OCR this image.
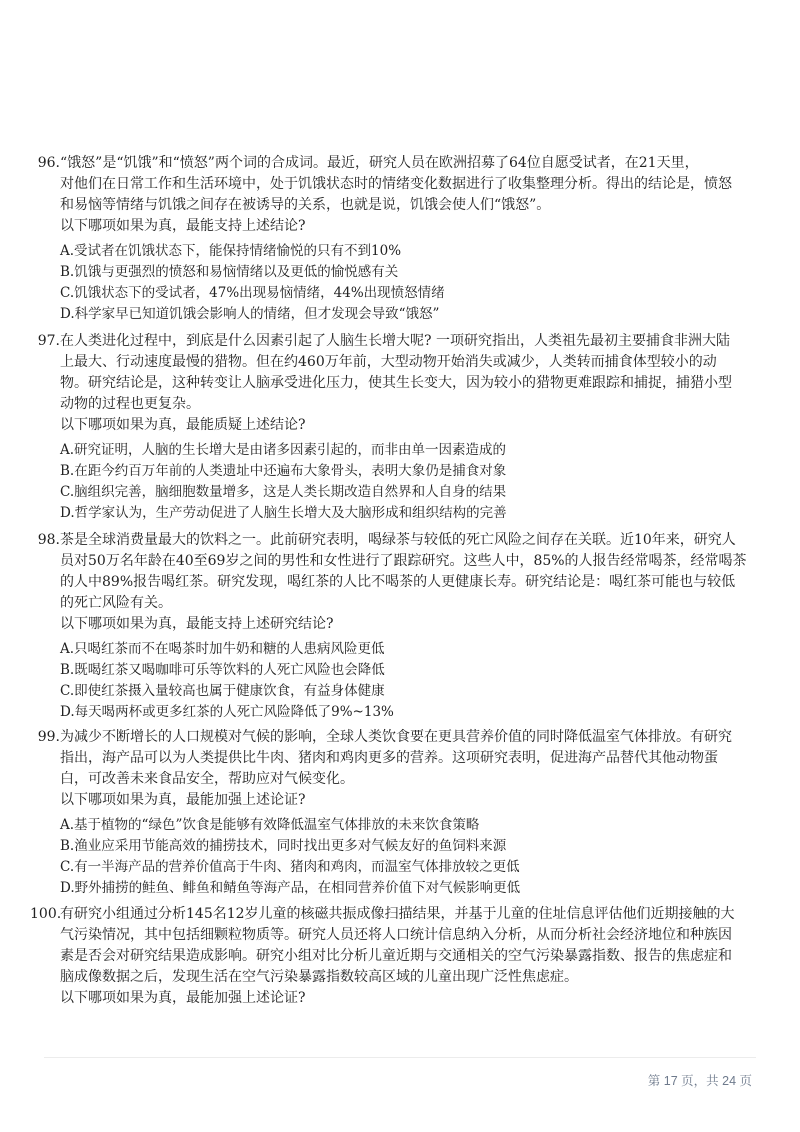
96. “饿怒”是“饥饿”和“愤怒”两个词的合成词。最近，研究人员在欧洲招募了64位自愿受试者，在21天里，
对他们在日常工作和生活环境中，处于饥饿状态时的情绪变化数据进行了收集整理分析。得出的结论是，愤怒
和易恼等情绪与饥饿之间存在被诱导的关系，也就是说，饥饿会使人们“饿怒”。
以下哪项如果为真，最能支持上述结论?
A.受试者在饥饿状态下，能保持情绪愉悦的只有不到10%
B.饥饿与更强烈的愤怒和易恼情绪以及更低的愉悦感有关
C.饥饿状态下的受试者，47%出现易恼情绪，44%出现愤怒情绪
D.科学家早已知道饥饿会影响人的情绪，但才发现会导致“饿怒”
97. 在人类进化过程中，到底是什么因素引起了人脑生长增大呢? 一项研究指出，人类祖先最初主要捕食非洲大陆
上最大、行动速度最慢的猎物。但在约460万年前，大型动物开始消失或减少，人类转而捕食体型较小的动
物。研究结论是，这种转变让人脑承受进化压力，使其生长变大，因为较小的猎物更难跟踪和捕捉，捕猎小型
动物的过程也更复杂。
以下哪项如果为真，最能质疑上述结论?
A.研究证明，人脑的生长增大是由诸多因素引起的，而非由单一因素造成的
B.在距今约百万年前的人类遗址中还遍布大象骨头，表明大象仍是捕食对象
C.脑组织完善，脑细胞数量增多，这是人类长期改造自然界和人自身的结果
D.哲学家认为，生产劳动促进了人脑生长增大及大脑形成和组织结构的完善
98. 茶是全球消费量最大的饮料之一。此前研究表明，喝绿茶与较低的死亡风险之间存在关联。近10年来，研究人
员对50万名年龄在40至69岁之间的男性和女性进行了跟踪研究。这些人中，85%的人报告经常喝茶，经常喝茶
的人中89%报告喝红茶。研究发现，喝红茶的人比不喝茶的人更健康长寿。研究结论是：喝红茶可能也与较低
的死亡风险有关。
以下哪项如果为真，最能支持上述研究结论?
A.只喝红茶而不在喝茶时加牛奶和糖的人患病风险更低
B.既喝红茶又喝咖啡可乐等饮料的人死亡风险也会降低
C.即使红茶摄入量较高也属于健康饮食，有益身体健康
D.每天喝两杯或更多红茶的人死亡风险降低了9%~13%
99. 为减少不断增长的人口规模对气候的影响，全球人类饮食要在更具营养价值的同时降低温室气体排放。有研究
指出，海产品可以为人类提供比牛肉、猪肉和鸡肉更多的营养。这项研究表明，促进海产品替代其他动物蛋
白，可改善未来食品安全，帮助应对气候变化。
以下哪项如果为真，最能加强上述论证?
A.基于植物的“绿色”饮食是能够有效降低温室气体排放的未来饮食策略
B.渔业应采用节能高效的捕捞技术，同时找出更多对气候友好的鱼饲料来源
C.有一半海产品的营养价值高于牛肉、猪肉和鸡肉，而温室气体排放较之更低
D.野外捕捞的鲑鱼、鲱鱼和鲭鱼等海产品，在相同营养价值下对气候影响更低
100.
有研究小组通过分析145名12岁儿童的核磁共振成像扫描结果，并基于儿童的住址信息评估他们近期接触的大
气污染情况，其中包括细颗粒物质等。研究人员还将人口统计信息纳入分析，从而分析社会经济地位和种族因
素是否会对研究结果造成影响。研究小组对比分析儿童近期与交通相关的空气污染暴露指数、报告的焦虑症和
脑成像数据之后，发现生活在空气污染暴露指数较高区域的儿童出现广泛性焦虑症。
以下哪项如果为真，最能加强上述论证?
第 17 页，共 24 页
